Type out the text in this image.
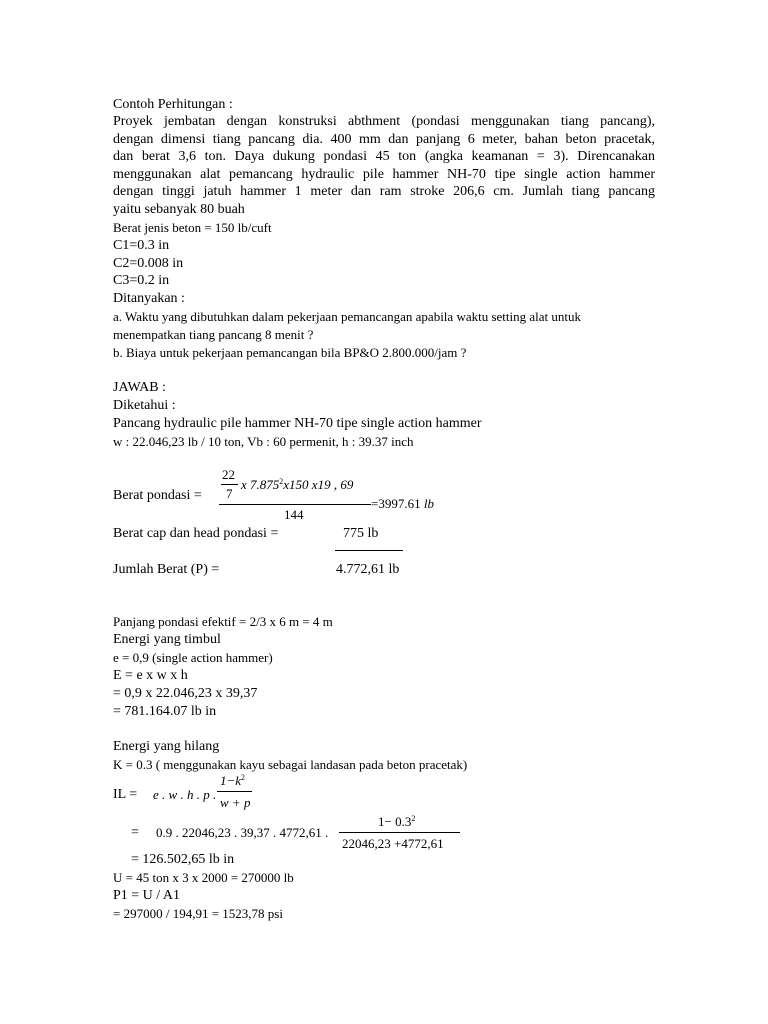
Contoh Perhitungan :
Proyek jembatan dengan konstruksi abthment (pondasi menggunakan tiang pancang),
dengan dimensi tiang pancang dia. 400 mm dan panjang 6 meter, bahan beton pracetak,
dan berat 3,6 ton. Daya dukung pondasi 45 ton (angka keamanan = 3). Direncanakan
menggunakan alat pemancang hydraulic pile hammer NH-70 tipe single action hammer
dengan tinggi jatuh hammer 1 meter dan ram stroke 206,6 cm. Jumlah tiang pancang
yaitu sebanyak 80 buah
Berat jenis beton = 150 lb/cuft
C1=0.3 in
C2=0.008 in
C3=0.2 in
Ditanyakan :
a. Waktu yang dibutuhkan dalam pekerjaan pemancangan apabila waktu setting alat untuk
menempatkan tiang pancang 8 menit ?
b. Biaya untuk pekerjaan pemancangan bila BP&O 2.800.000/jam ?
JAWAB :
Diketahui :
Pancang hydraulic pile hammer NH-70 tipe single action hammer
w : 22.046,23 lb / 10 ton, Vb : 60 permenit, h : 39.37 inch
Berat pondasi =
22
7
x 7.875$^2$x150 x19 , 69
144
=3997.61 lb
Berat cap dan head pondasi =	775 lb
Jumlah Berat (P) =	4.772,61 lb
Panjang pondasi efektif = 2/3 x 6 m = 4 m
Energi yang timbul
e = 0,9 (single action hammer)
E = e x w x h
= 0,9 x 22.046,23 x 39,37
= 781.164.07 lb in
Energi yang hilang
K = 0.3 ( menggunakan kayu sebagai landasan pada beton pracetak)
IL = e . w . h . p .
$1-k^2$
w + p
= 0.9 . 22046,23 . 39,37 . 4772,61 .
$1- 0.3^2$
22046,23 +4772,61
= 126.502,65 lb in
U = 45 ton x 3 x 2000 = 270000 lb
P1 = U / A1
= 297000 / 194,91 = 1523,78 psi
